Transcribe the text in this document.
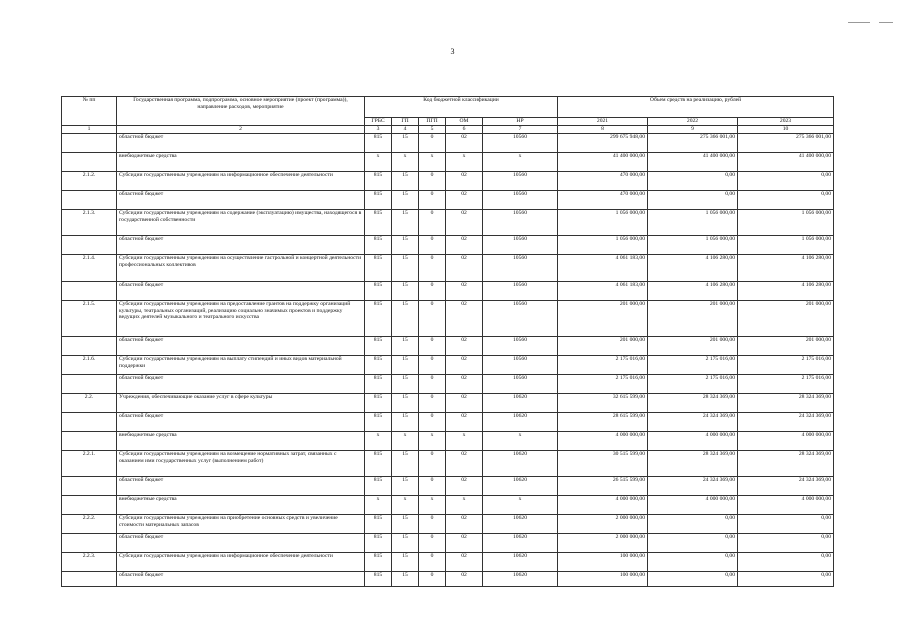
3
№ пп	Государственная программа, подпрограмма, основное мероприятие (проект (программа)), направление расходов, мероприятие	Код бюджетной классификации					Объем средств на реализацию, рублей		
		ГРБС	ГП	ПГП	ОМ	НР	2021	2022	2023
1	2	3	4	5	6	7	8	9	10
	областной бюджет	815	15	0	02	10560	299 675 948,00	275 366 001,00	275 366 001,00
	внебюджетные средства	х	х	х	х	х	41 400 000,00	41 400 000,00	41 400 000,00
2.1.2.	Субсидии государственным учреждениям на информационное обеспечение деятельности	815	15	0	02	10560	470 000,00	0,00	0,00
	областной бюджет	815	15	0	02	10560	470 000,00	0,00	0,00
2.1.3.	Субсидии государственным учреждениям на содержание (эксплуатацию) имущества, находящегося в государственной собственности	815	15	0	02	10560	1 056 000,00	1 056 000,00	1 056 000,00
	областной бюджет	815	15	0	02	10560	1 056 000,00	1 056 000,00	1 056 000,00
2.1.4.	Субсидии государственным учреждениям на осуществление гастрольной и концертной деятельности профессиональных коллективов	815	15	0	02	10560	4 061 183,00	4 106 280,00	4 106 280,00
	областной бюджет	815	15	0	02	10560	4 061 183,00	4 106 280,00	4 106 280,00
2.1.5.	Субсидии государственным учреждениям на предоставление грантов на поддержку организаций культуры, театральных организаций, реализацию социально значимых проектов и поддержку ведущих деятелей музыкального и театрального искусства	815	15	0	02	10560	201 000,00	201 000,00	201 000,00
	областной бюджет	815	15	0	02	10560	201 000,00	201 000,00	201 000,00
2.1.6.	Субсидии государственным учреждениям на выплату стипендий и иных видов материальной поддержки	815	15	0	02	10560	2 175 016,00	2 175 016,00	2 175 016,00
	областной бюджет	815	15	0	02	10560	2 175 016,00	2 175 016,00	2 175 016,00
2.2.	Учреждения, обеспечивающие оказание услуг в сфере культуры	815	15	0	02	10620	32 615 599,00	28 324 369,00	28 324 369,00
	областной бюджет	815	15	0	02	10620	28 615 599,00	24 324 369,00	24 324 369,00
	внебюджетные средства	х	х	х	х	х	4 000 000,00	4 000 000,00	4 000 000,00
2.2.1.	Субсидии государственным учреждениям на возмещение нормативных затрат, связанных с оказанием ими государственных услуг (выполнением работ)	815	15	0	02	10620	30 515 599,00	28 324 369,00	28 324 369,00
	областной бюджет	815	15	0	02	10620	26 515 599,00	24 324 369,00	24 324 369,00
	внебюджетные средства	х	х	х	х	х	4 000 000,00	4 000 000,00	4 000 000,00
2.2.2.	Субсидии государственным учреждениям на приобретение основных средств и увеличение стоимости материальных запасов	815	15	0	02	10620	2 000 000,00	0,00	0,00
	областной бюджет	815	15	0	02	10620	2 000 000,00	0,00	0,00
2.2.3.	Субсидии государственным учреждениям на информационное обеспечение деятельности	815	15	0	02	10620	100 000,00	0,00	0,00
	областной бюджет	815	15	0	02	10620	100 000,00	0,00	0,00
